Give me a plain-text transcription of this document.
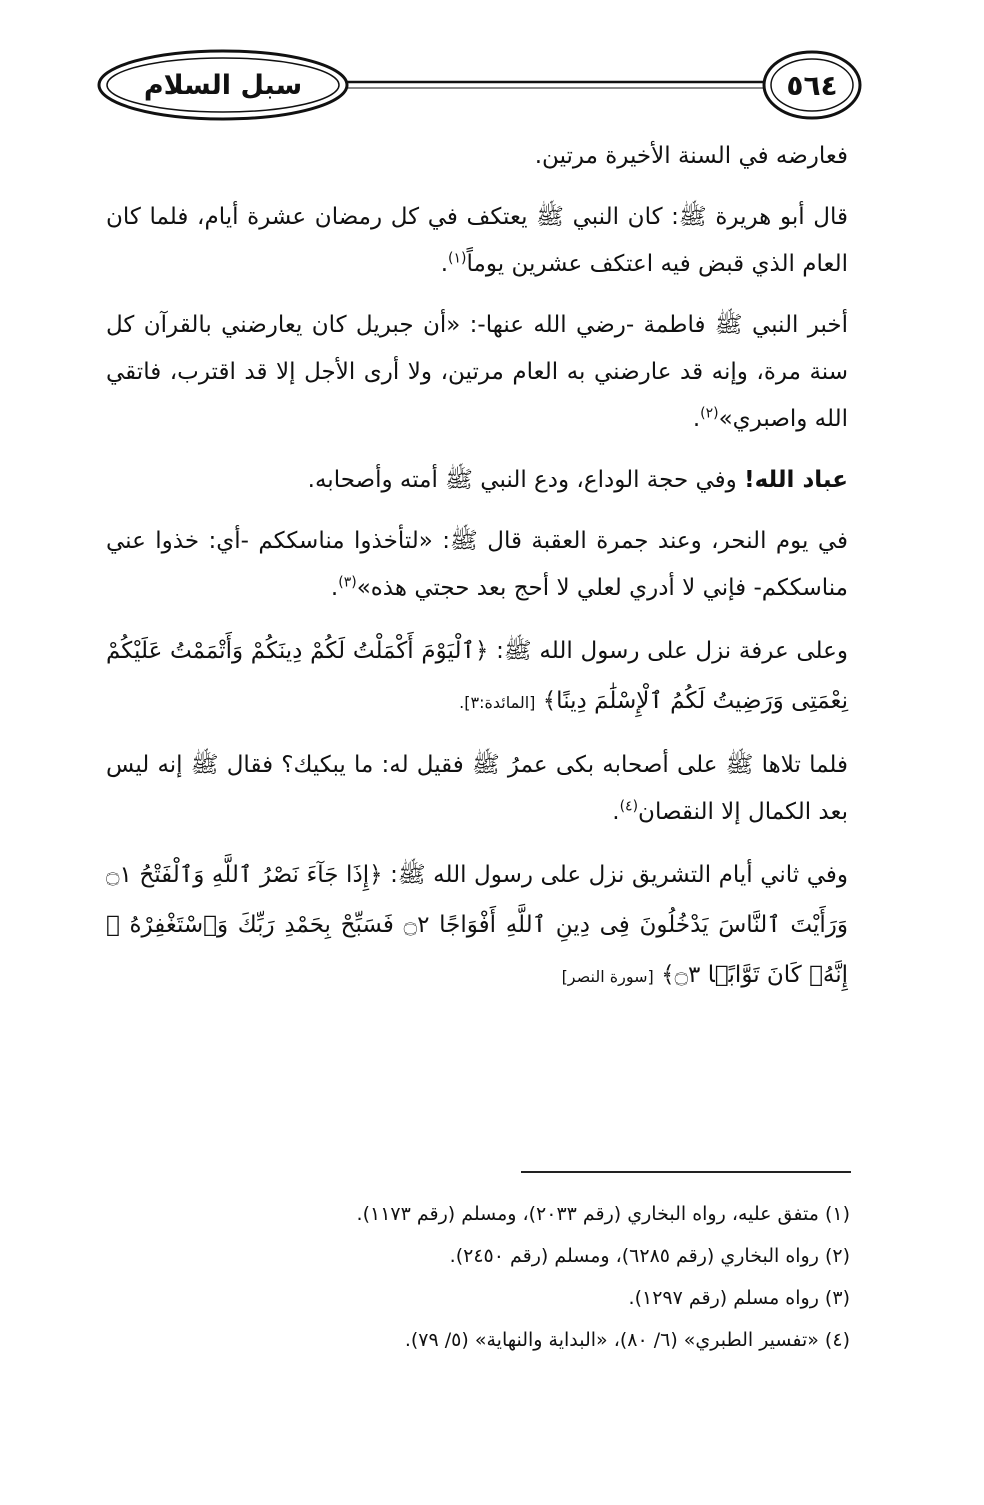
سبل السلام	٥٦٤

فعارضه في السنة الأخيرة مرتين.

قال أبو هريرة ﷺ: كان النبي ﷺ يعتكف في كل رمضان عشرة أيام، فلما كان العام الذي قبض فيه اعتكف عشرين يوماً$^{(١)}$.

أخبر النبي ﷺ فاطمة -رضي الله عنها-: «أن جبريل كان يعارضني بالقرآن كل سنة مرة، وإنه قد عارضني به العام مرتين، ولا أرى الأجل إلا قد اقترب، فاتقي الله واصبري»$^{(٢)}$.

عباد الله! وفي حجة الوداع، ودع النبي ﷺ أمته وأصحابه.

في يوم النحر، وعند جمرة العقبة قال ﷺ: «لتأخذوا مناسككم -أي: خذوا عني مناسككم- فإني لا أدري لعلي لا أحج بعد حجتي هذه»$^{(٣)}$.

وعلى عرفة نزل على رسول الله ﷺ: ﴿ٱلْيَوْمَ أَكْمَلْتُ لَكُمْ دِينَكُمْ وَأَتْمَمْتُ عَلَيْكُمْ نِعْمَتِى وَرَضِيتُ لَكُمُ ٱلْإِسْلَٰمَ دِينًا﴾ [المائدة:٣].

فلما تلاها ﷺ على أصحابه بكى عمرُ ﷺ فقيل له: ما يبكيك؟ فقال ﷺ إنه ليس بعد الكمال إلا النقصان$^{(٤)}$.

وفي ثاني أيام التشريق نزل على رسول الله ﷺ: ﴿إِذَا جَآءَ نَصْرُ ٱللَّهِ وَٱلْفَتْحُ ۝١ وَرَأَيْتَ ٱلنَّاسَ يَدْخُلُونَ فِى دِينِ ٱللَّهِ أَفْوَاجًا ۝٢ فَسَبِّحْ بِحَمْدِ رَبِّكَ وَٱسْتَغْفِرْهُ ۚ إِنَّهُۥ كَانَ تَوَّابًۢا ۝٣﴾ [سورة النصر]

(١) متفق عليه، رواه البخاري (رقم ٢٠٣٣)، ومسلم (رقم ١١٧٣).

(٢) رواه البخاري (رقم ٦٢٨٥)، ومسلم (رقم ٢٤٥٠).

(٣) رواه مسلم (رقم ١٢٩٧).

(٤) «تفسير الطبري» (٦/ ٨٠)، «البداية والنهاية» (٥/ ٧٩).
